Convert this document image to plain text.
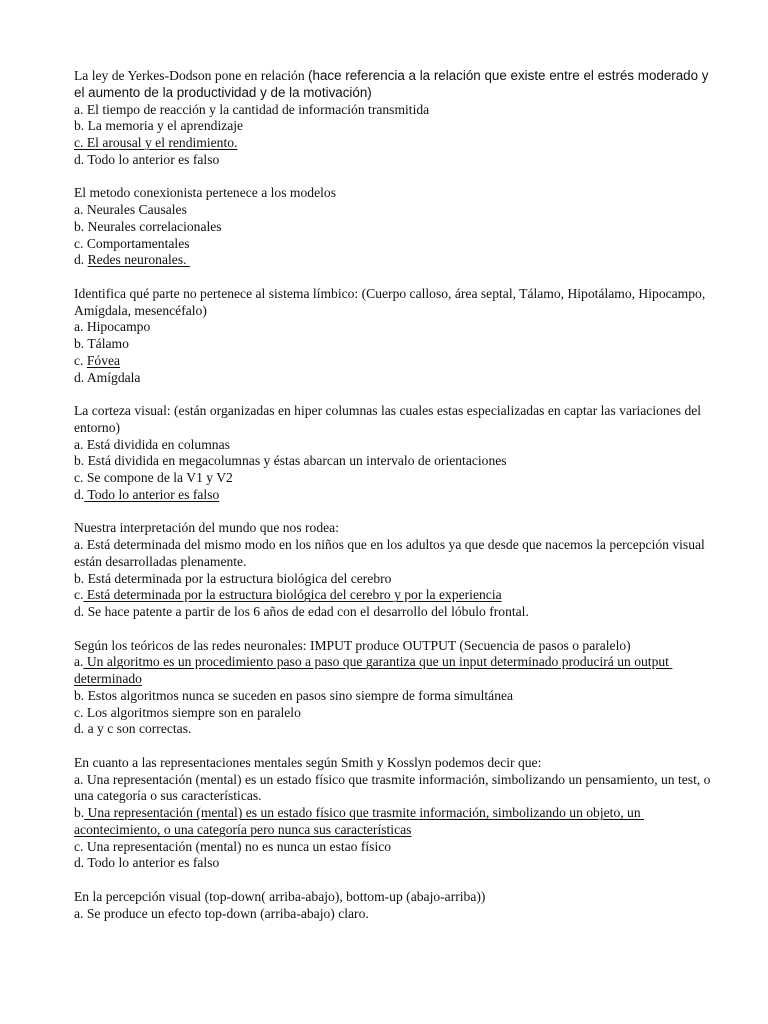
La ley de Yerkes-Dodson pone en relación (hace referencia a la relación que existe entre el estrés moderado y el aumento de la productividad y de la motivación)
a. El tiempo de reacción y la cantidad de información transmitida
b. La memoria y el aprendizaje
c. El arousal y el rendimiento.
d. Todo lo anterior es falso
El metodo conexionista pertenece a los modelos
a. Neurales Causales
b. Neurales correlacionales
c. Comportamentales
d. Redes neuronales.
Identifica qué parte no pertenece al sistema límbico: (Cuerpo calloso, área septal, Tálamo, Hipotálamo, Hipocampo, Amígdala, mesencéfalo)
a. Hipocampo
b. Tálamo
c. Fóvea
d. Amígdala
La corteza visual: (están organizadas en hiper columnas las cuales estas especializadas en captar las variaciones del entorno)
a. Está dividida en columnas
b. Está dividida en megacolumnas y éstas abarcan un intervalo de orientaciones
c. Se compone de la V1 y V2
d. Todo lo anterior es falso
Nuestra interpretación del mundo que nos rodea:
a. Está determinada del mismo modo en los niños que en los adultos ya que desde que nacemos la percepción visual están desarrolladas plenamente.
b. Está determinada por la estructura biológica del cerebro
c. Está determinada por la estructura biológica del cerebro y por la experiencia
d. Se hace patente a partir de los 6 años de edad con el desarrollo del lóbulo frontal.
Según los teóricos de las redes neuronales: IMPUT produce OUTPUT (Secuencia de pasos o paralelo)
a. Un algoritmo es un procedimiento paso a paso que garantiza que un input determinado producirá un output determinado
b. Estos algoritmos nunca se suceden en pasos sino siempre de forma simultánea
c. Los algoritmos siempre son en paralelo
d. a y c son correctas.
En cuanto a las representaciones mentales según Smith y Kosslyn podemos decir que:
a. Una representación (mental) es un estado físico que trasmite información, simbolizando un pensamiento, un test, o una categoría o sus características.
b. Una representación (mental) es un estado físico que trasmite información, simbolizando un objeto, un acontecimiento, o una categoría pero nunca sus características
c. Una representación (mental) no es nunca un estao físico
d. Todo lo anterior es falso
En la percepción visual (top-down( arriba-abajo), bottom-up (abajo-arriba))
a. Se produce un efecto top-down (arriba-abajo) claro.
